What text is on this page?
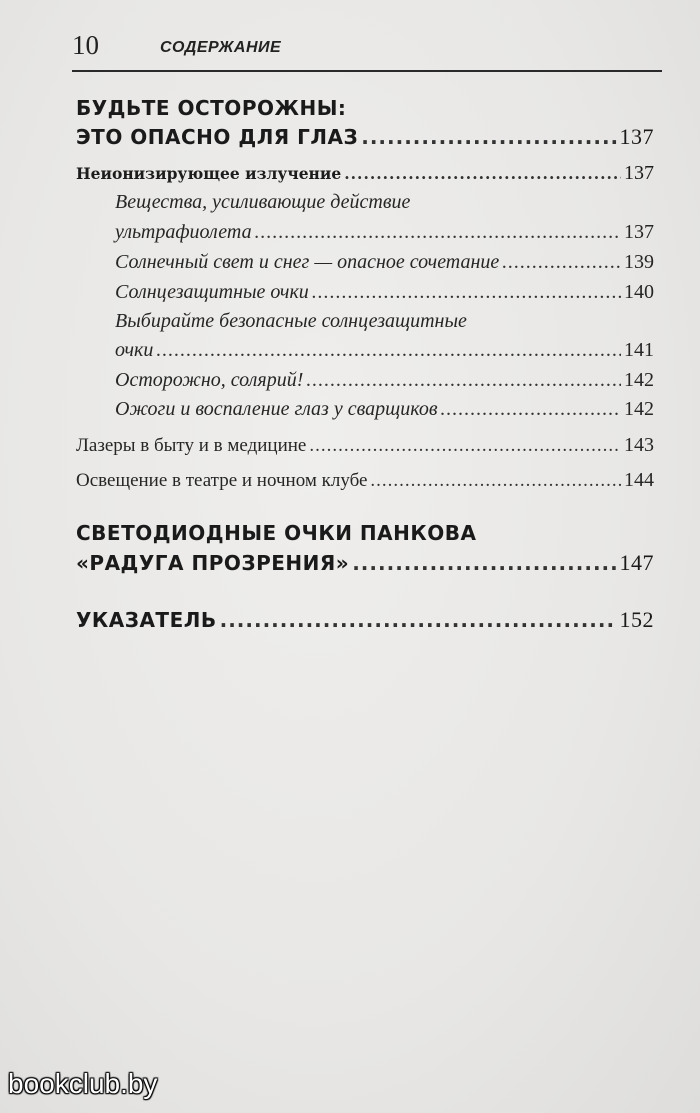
10	СОДЕРЖАНИЕ
БУДЬТЕ ОСТОРОЖНЫ:
ЭТО ОПАСНО ДЛЯ ГЛАЗ .....	137
Неионизирующее излучение .....	137
Вещества, усиливающие действие
ультрафиолета .....	137
Солнечный свет и снег — опасное сочетание .....	139
Солнцезащитные очки .....	140
Выбирайте безопасные солнцезащитные
очки .....	141
Осторожно, солярий! .....	142
Ожоги и воспаление глаз у сварщиков .....	142
Лазеры в быту и в медицине .....	143
Освещение в театре и ночном клубе .....	144
СВЕТОДИОДНЫЕ ОЧКИ ПАНКОВА
«РАДУГА ПРОЗРЕНИЯ» .....	147
УКАЗАТЕЛЬ .....	152
bookclub.by
